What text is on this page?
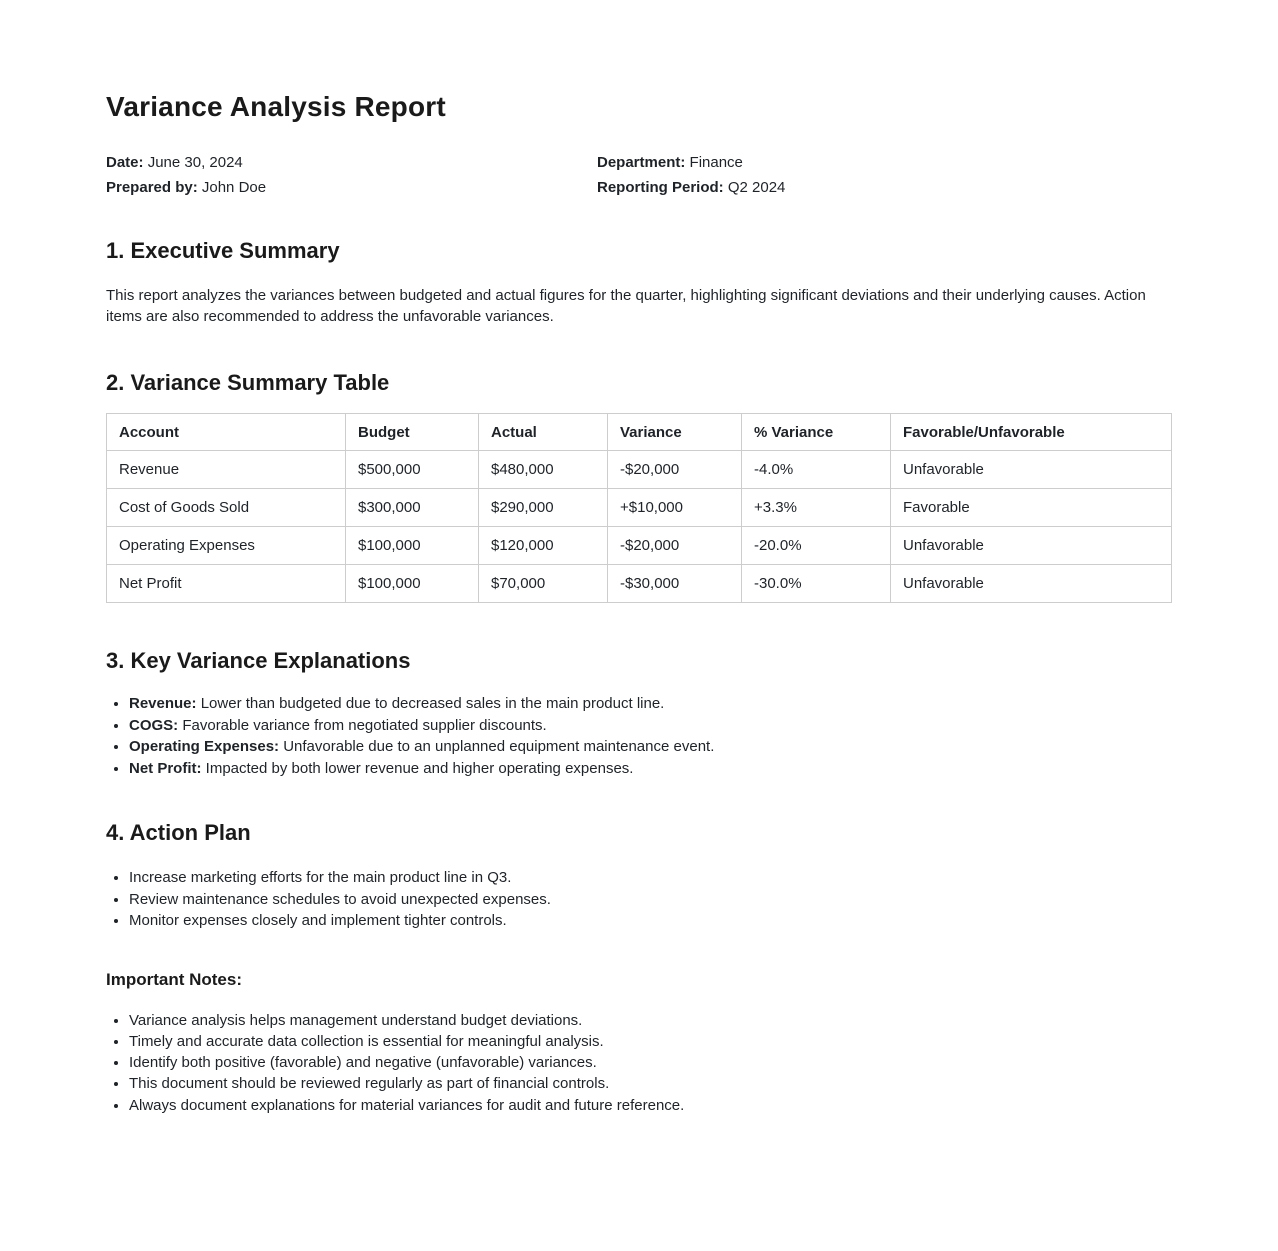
Variance Analysis Report
Date: June 30, 2024
Prepared by: John Doe
Department: Finance
Reporting Period: Q2 2024
1. Executive Summary

This report analyzes the variances between budgeted and actual figures for the quarter, highlighting significant deviations and their underlying causes. Action items are also recommended to address the unfavorable variances.

2. Variance Summary Table
Account	Budget	Actual	Variance	% Variance	Favorable/Unfavorable
Revenue	$500,000	$480,000	-$20,000	-4.0%	Unfavorable
Cost of Goods Sold	$300,000	$290,000	+$10,000	+3.3%	Favorable
Operating Expenses	$100,000	$120,000	-$20,000	-20.0%	Unfavorable
Net Profit	$100,000	$70,000	-$30,000	-30.0%	Unfavorable
3. Key Variance Explanations
• Revenue: Lower than budgeted due to decreased sales in the main product line.
• COGS: Favorable variance from negotiated supplier discounts.
• Operating Expenses: Unfavorable due to an unplanned equipment maintenance event.
• Net Profit: Impacted by both lower revenue and higher operating expenses.
4. Action Plan
• Increase marketing efforts for the main product line in Q3.
• Review maintenance schedules to avoid unexpected expenses.
• Monitor expenses closely and implement tighter controls.
Important Notes:
• Variance analysis helps management understand budget deviations.
• Timely and accurate data collection is essential for meaningful analysis.
• Identify both positive (favorable) and negative (unfavorable) variances.
• This document should be reviewed regularly as part of financial controls.
• Always document explanations for material variances for audit and future reference.
